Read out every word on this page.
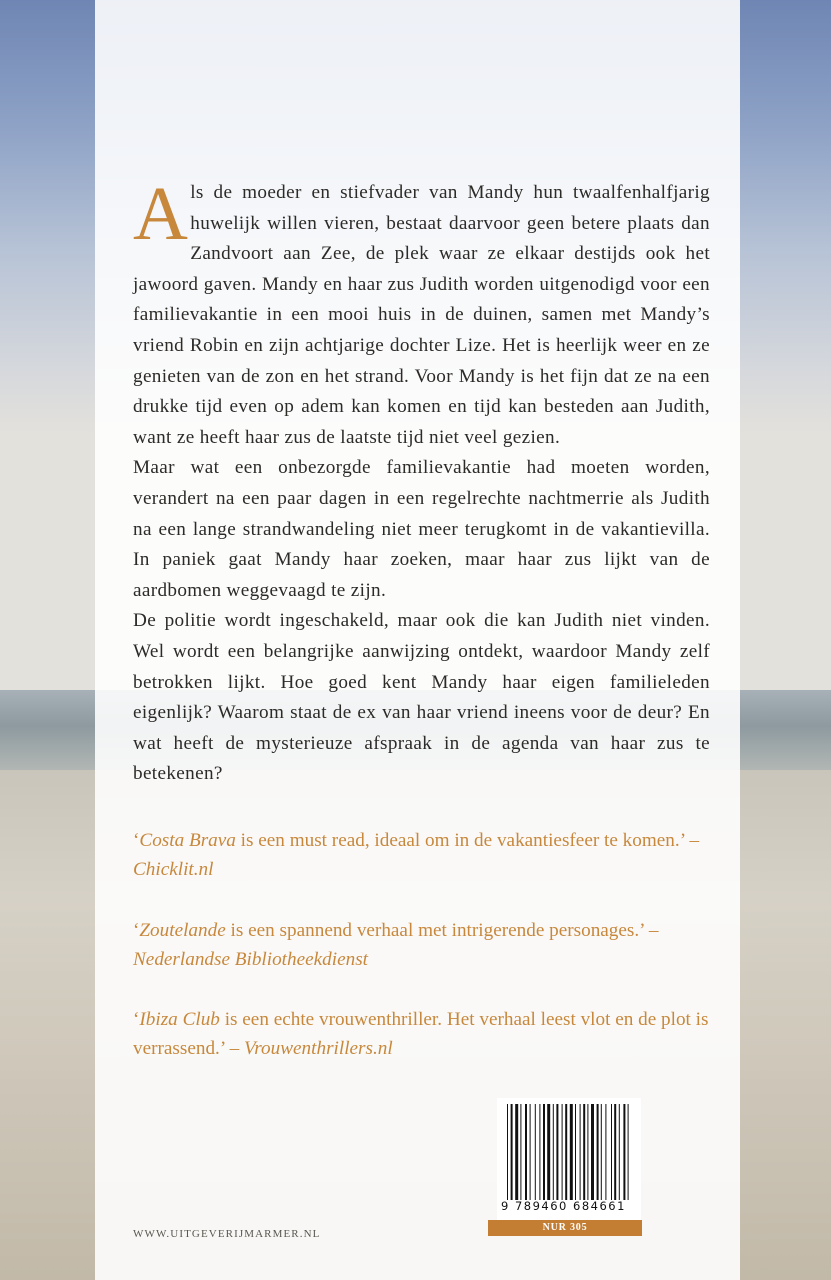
Als de moeder en stiefvader van Mandy hun twaalfenhalfjarig huwelijk willen vieren, bestaat daarvoor geen betere plaats dan Zandvoort aan Zee, de plek waar ze elkaar destijds ook het jawoord gaven. Mandy en haar zus Judith worden uitgenodigd voor een familievakantie in een mooi huis in de duinen, samen met Mandy’s vriend Robin en zijn achtjarige dochter Lize. Het is heerlijk weer en ze genieten van de zon en het strand. Voor Mandy is het fijn dat ze na een drukke tijd even op adem kan komen en tijd kan besteden aan Judith, want ze heeft haar zus de laatste tijd niet veel gezien.

Maar wat een onbezorgde familievakantie had moeten worden, verandert na een paar dagen in een regelrechte nachtmerrie als Judith na een lange strandwandeling niet meer terugkomt in de vakantievilla. In paniek gaat Mandy haar zoeken, maar haar zus lijkt van de aardbomen weggevaagd te zijn.

De politie wordt ingeschakeld, maar ook die kan Judith niet vinden. Wel wordt een belangrijke aanwijzing ontdekt, waardoor Mandy zelf betrokken lijkt. Hoe goed kent Mandy haar eigen familieleden eigenlijk? Waarom staat de ex van haar vriend ineens voor de deur? En wat heeft de mysterieuze afspraak in de agenda van haar zus te betekenen?

‘Costa Brava is een must read, ideaal om in de vakantiesfeer te komen.’ – Chicklit.nl

‘Zoutelande is een spannend verhaal met intrigerende personages.’ – Nederlandse Bibliotheekdienst

‘Ibiza Club is een echte vrouwenthriller. Het verhaal leest vlot en de plot is verrassend.’ – Vrouwenthrillers.nl

WWW.UITGEVERIJMARMER.NL
9 789460 684661
NUR 305
